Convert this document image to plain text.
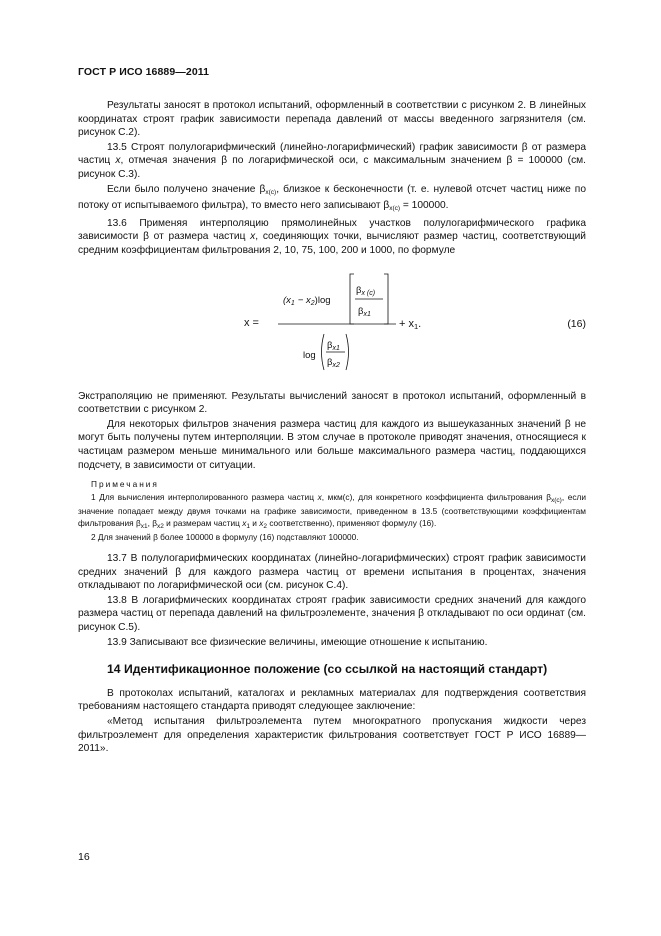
ГОСТ Р ИСО 16889—2011

Результаты заносят в протокол испытаний, оформленный в соответствии с рисунком 2. В линейных координатах строят график зависимости перепада давлений от массы введенного загрязнителя (см. рисунок С.2).

13.5 Строят полулогарифмический (линейно-логарифмический) график зависимости β от размера частиц х, отмечая значения β по логарифмической оси, с максимальным значением β = 100000 (см. рисунок С.3).

Если было получено значение $\beta_{x(c)}$, близкое к бесконечности (т. е. нулевой отсчет частиц ниже по потоку от испытываемого фильтра), то вместо него записывают $\beta_{x(c)} = 100000$.

13.6 Применяя интерполяцию прямолинейных участков полулогарифмического графика зависимости β от размера частиц х, соединяющих точки, вычисляют размер частиц, соответствующий средним коэффициентам фильтрования 2, 10, 75, 100, 200 и 1000, по формуле

x =
$(x_1 - x_2)\log$
$\beta_{x (c)}$
$\beta_{x1}$
log
$\beta_{x1}$
$\beta_{x2}$
+ x1.	(16)

Экстраполяцию не применяют. Результаты вычислений заносят в протокол испытаний, оформленный в соответствии с рисунком 2.

Для некоторых фильтров значения размера частиц для каждого из вышеуказанных значений β не могут быть получены путем интерполяции. В этом случае в протоколе приводят значения, относящиеся к частицам размером меньше минимального или больше максимального размера частиц, поддающихся подсчету, в зависимости от ситуации.

Примечания

1 Для вычисления интерполированного размера частиц х, мкм(с), для конкретного коэффициента фильтрования $\beta_{x(c)}$, если значение попадает между двумя точками на графике зависимости, приведенном в 13.5 (соответствующими коэффициентам фильтрования $\beta_{x1}$, $\beta_{x2}$ и размерам частиц $x_1$ и $x_2$ соответственно), применяют формулу (16).

2 Для значений β более 100000 в формулу (16) подставляют 100000.

13.7 В полулогарифмических координатах (линейно-логарифмических) строят график зависимости средних значений β для каждого размера частиц от времени испытания в процентах, значения откладывают по логарифмической оси (см. рисунок С.4).

13.8 В логарифмических координатах строят график зависимости средних значений для каждого размера частиц от перепада давлений на фильтроэлементе, значения β откладывают по оси ординат (см. рисунок С.5).

13.9 Записывают все физические величины, имеющие отношение к испытанию.

14 Идентификационное положение (со ссылкой на настоящий стандарт)

В протоколах испытаний, каталогах и рекламных материалах для подтверждения соответствия требованиям настоящего стандарта приводят следующее заключение:

«Метод испытания фильтроэлемента путем многократного пропускания жидкости через фильтроэлемент для определения характеристик фильтрования соответствует ГОСТ Р ИСО 16889—2011».

16
